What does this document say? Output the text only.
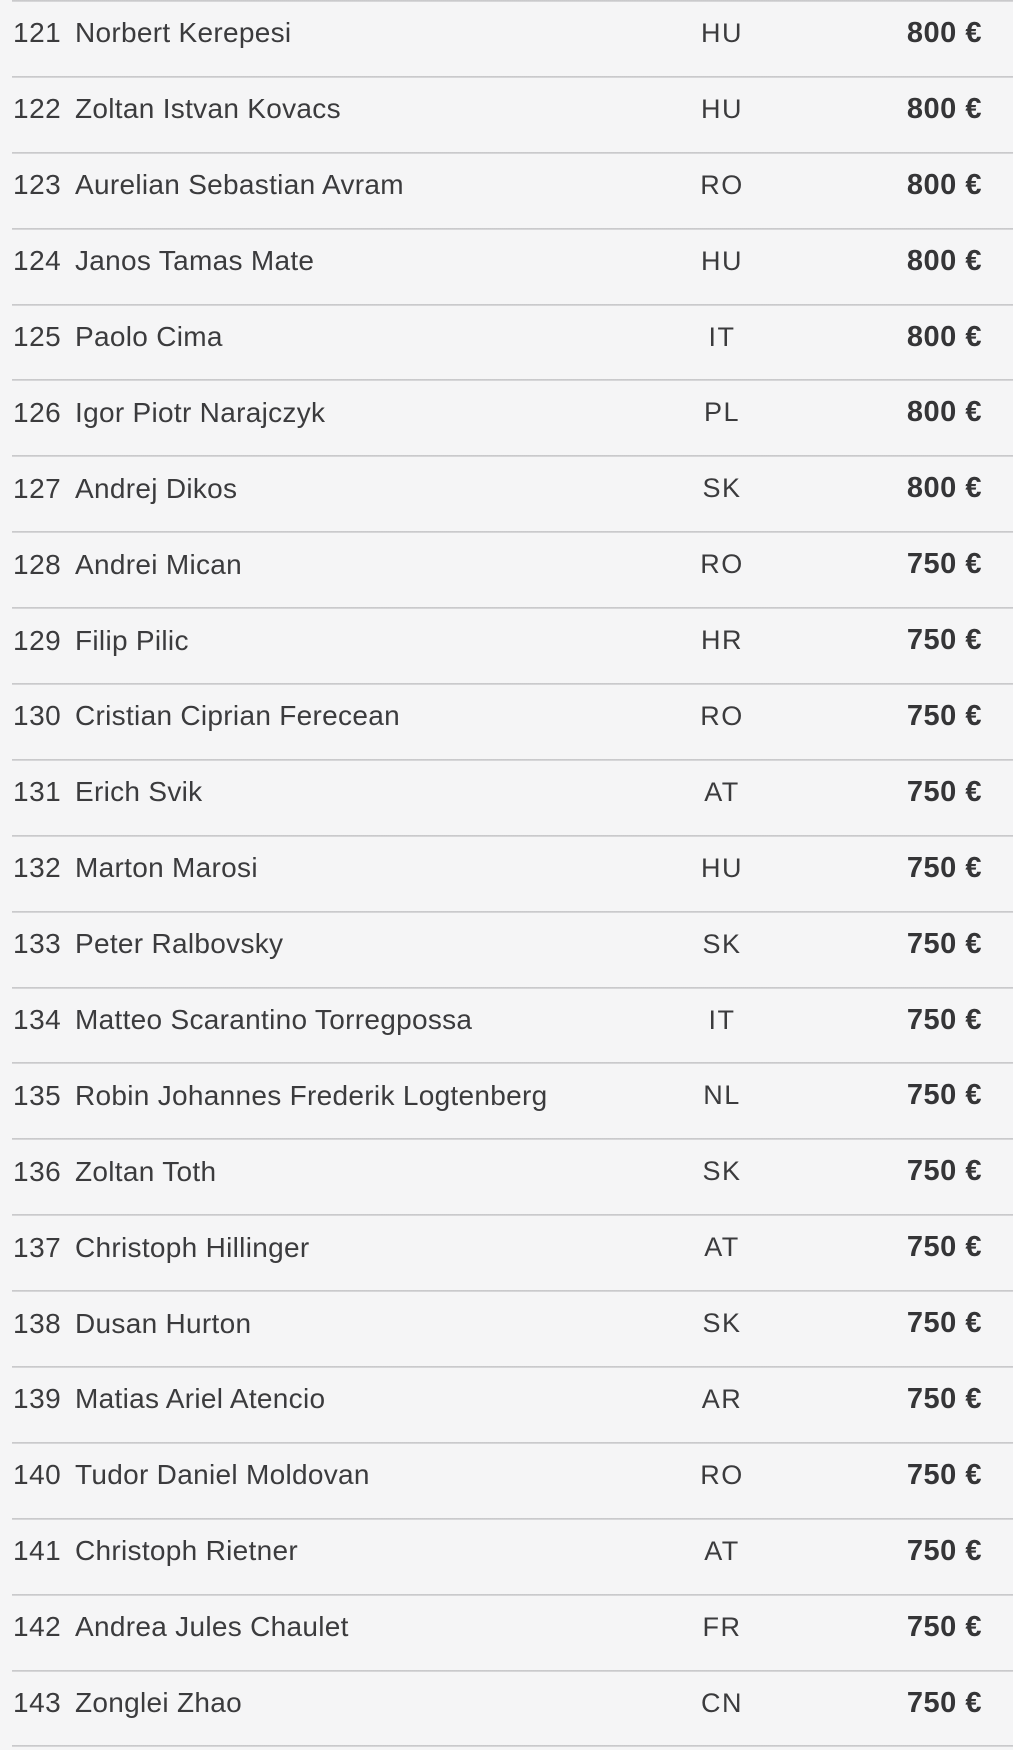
121 Norbert Kerepesi	HU	800 €
122 Zoltan Istvan Kovacs	HU	800 €
123 Aurelian Sebastian Avram	RO	800 €
124 Janos Tamas Mate	HU	800 €
125 Paolo Cima	IT	800 €
126 Igor Piotr Narajczyk	PL	800 €
127 Andrej Dikos	SK	800 €
128 Andrei Mican	RO	750 €
129 Filip Pilic	HR	750 €
130 Cristian Ciprian Ferecean	RO	750 €
131 Erich Svik	AT	750 €
132 Marton Marosi	HU	750 €
133 Peter Ralbovsky	SK	750 €
134 Matteo Scarantino Torregpossa	IT	750 €
135 Robin Johannes Frederik Logtenberg	NL	750 €
136 Zoltan Toth	SK	750 €
137 Christoph Hillinger	AT	750 €
138 Dusan Hurton	SK	750 €
139 Matias Ariel Atencio	AR	750 €
140 Tudor Daniel Moldovan	RO	750 €
141 Christoph Rietner	AT	750 €
142 Andrea Jules Chaulet	FR	750 €
143 Zonglei Zhao	CN	750 €
